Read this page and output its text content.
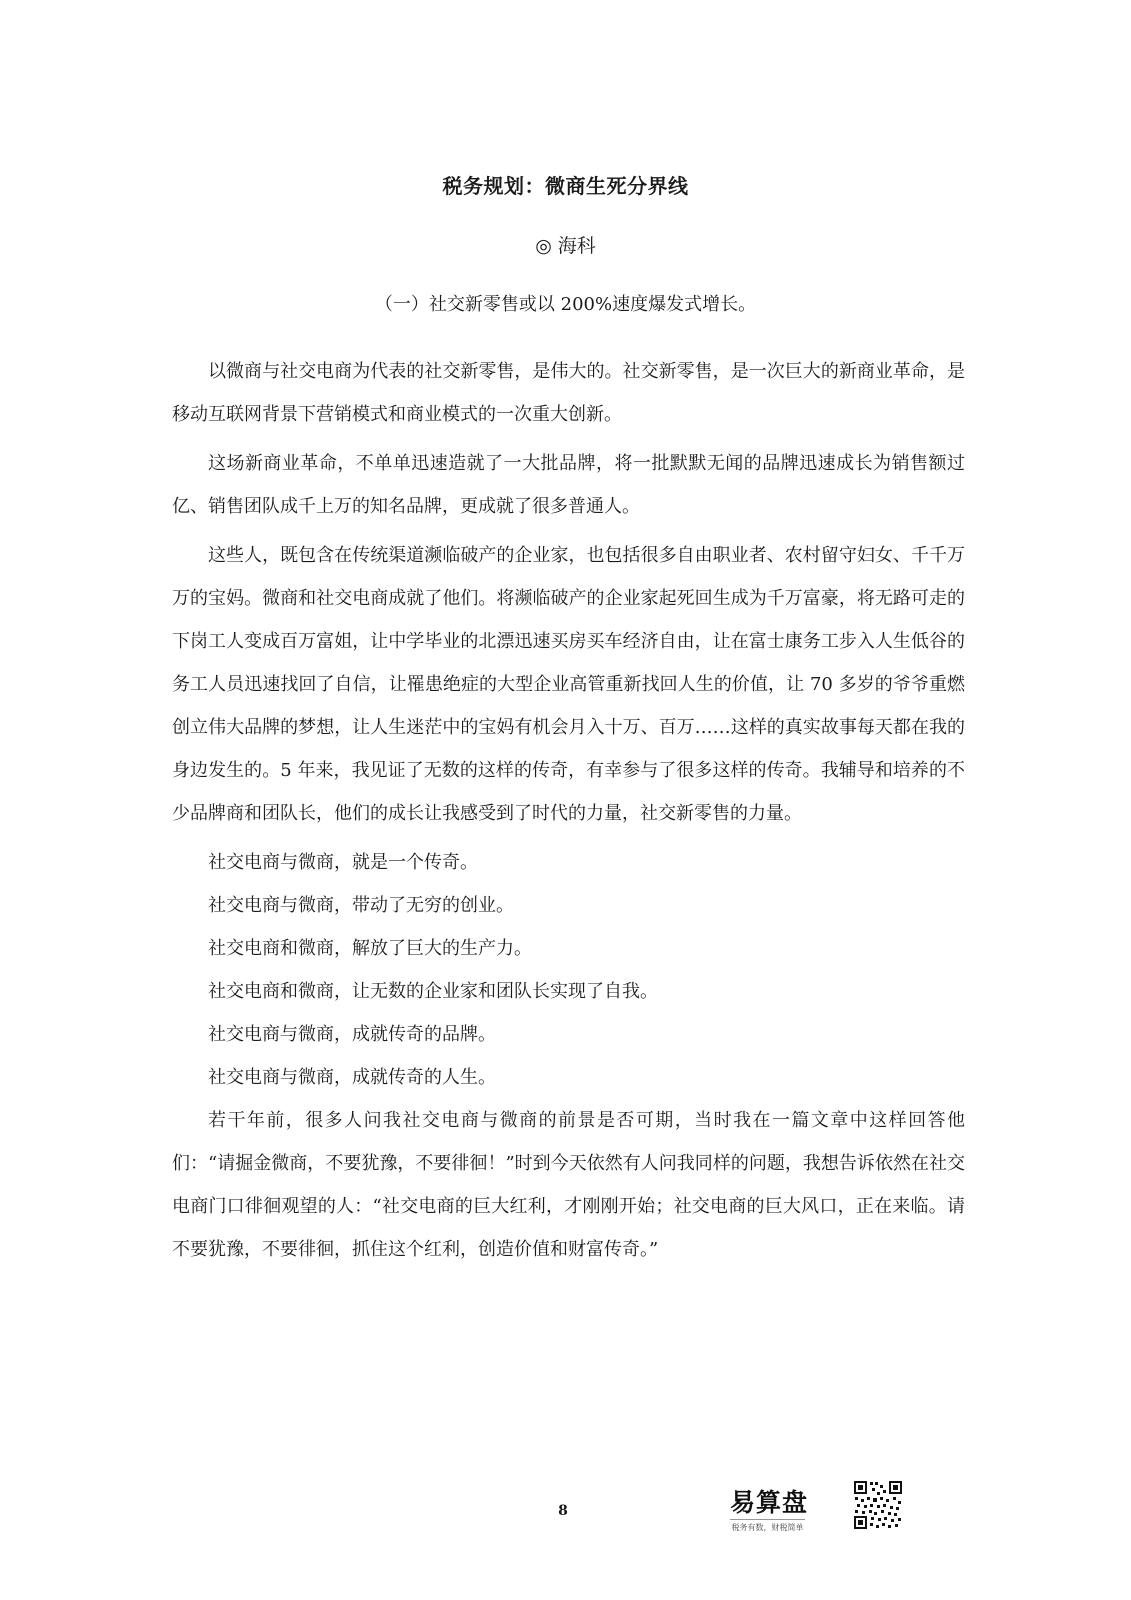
税务规划：微商生死分界线
◎ 海科
（一）社交新零售或以 200%速度爆发式增长。

以微商与社交电商为代表的社交新零售，是伟大的。社交新零售，是一次巨大的新商业革命，是移动互联网背景下营销模式和商业模式的一次重大创新。

这场新商业革命，不单单迅速造就了一大批品牌，将一批默默无闻的品牌迅速成长为销售额过亿、销售团队成千上万的知名品牌，更成就了很多普通人。

这些人，既包含在传统渠道濒临破产的企业家，也包括很多自由职业者、农村留守妇女、千千万万的宝妈。微商和社交电商成就了他们。将濒临破产的企业家起死回生成为千万富豪，将无路可走的下岗工人变成百万富姐，让中学毕业的北漂迅速买房买车经济自由，让在富士康务工步入人生低谷的务工人员迅速找回了自信，让罹患绝症的大型企业高管重新找回人生的价值，让 70 多岁的爷爷重燃创立伟大品牌的梦想，让人生迷茫中的宝妈有机会月入十万、百万……这样的真实故事每天都在我的身边发生的。5 年来，我见证了无数的这样的传奇，有幸参与了很多这样的传奇。我辅导和培养的不少品牌商和团队长，他们的成长让我感受到了时代的力量，社交新零售的力量。

社交电商与微商，就是一个传奇。

社交电商与微商，带动了无穷的创业。

社交电商和微商，解放了巨大的生产力。

社交电商和微商，让无数的企业家和团队长实现了自我。

社交电商与微商，成就传奇的品牌。

社交电商与微商，成就传奇的人生。

若干年前，很多人问我社交电商与微商的前景是否可期，当时我在一篇文章中这样回答他们：“请掘金微商，不要犹豫，不要徘徊！”时到今天依然有人问我同样的问题，我想告诉依然在社交电商门口徘徊观望的人：“社交电商的巨大红利，才刚刚开始；社交电商的巨大风口，正在来临。请不要犹豫，不要徘徊，抓住这个红利，创造价值和财富传奇。”

8	易算盘
税务有数，财税简单
